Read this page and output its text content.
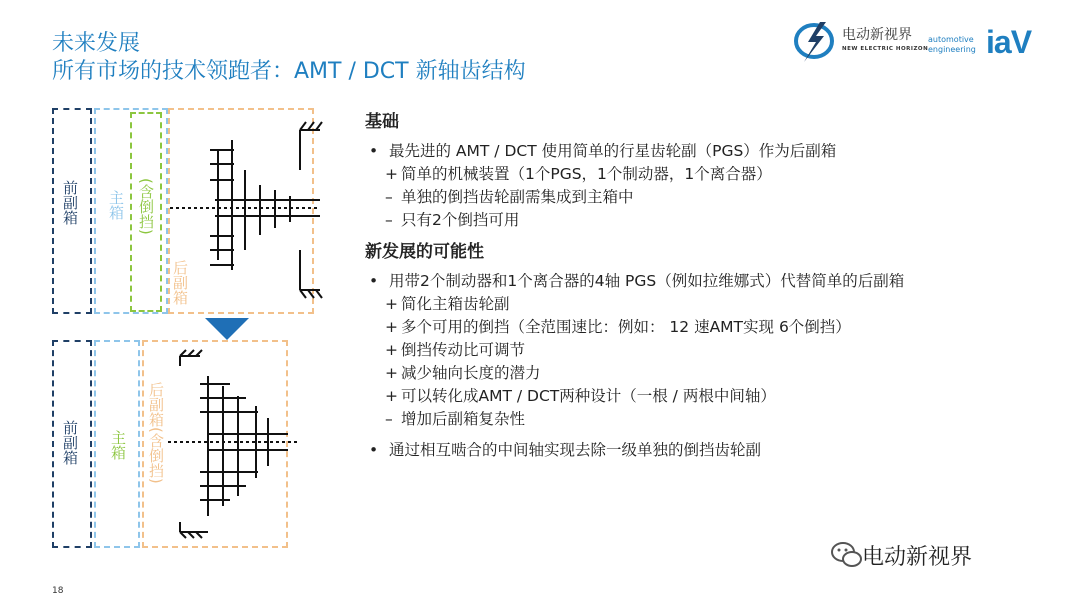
未来发展
所有市场的技术领跑者：AMT / DCT 新轴齿结构
电动新视界
NEW ELECTRIC HORIZON
automotive
engineering iaV
前副箱 主箱 (含倒挡)
后副箱
前副箱 主箱 后副箱(含倒挡)
基础
• 最先进的 AMT / DCT 使用简单的行星齿轮副（PGS）作为后副箱
+ 简单的机械装置（1个PGS，1个制动器，1个离合器）
– 单独的倒挡齿轮副需集成到主箱中
– 只有2个倒挡可用
新发展的可能性
• 用带2个制动器和1个离合器的4轴 PGS（例如拉维娜式）代替简单的后副箱
+ 简化主箱齿轮副
+ 多个可用的倒挡（全范围速比：例如： 12 速AMT实现 6个倒挡）
+ 倒挡传动比可调节
+ 减少轴向长度的潜力
+ 可以转化成AMT / DCT两种设计（一根 / 两根中间轴）
– 增加后副箱复杂性
• 通过相互啮合的中间轴实现去除一级单独的倒挡齿轮副
18
电动新视界
